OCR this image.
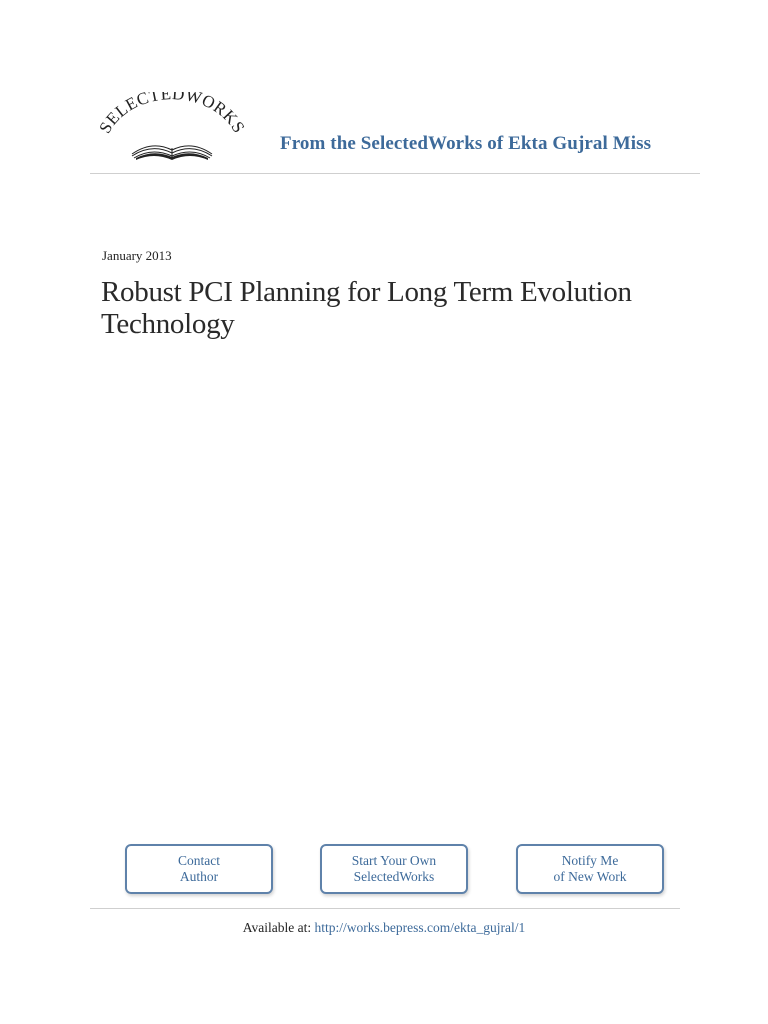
SELECTEDWORKS
From the SelectedWorks of Ekta Gujral Miss
January 2013
Robust PCI Planning for Long Term Evolution Technology
Contact
Author
Start Your Own
SelectedWorks
Notify Me
of New Work
Available at: http://works.bepress.com/ekta_gujral/1
